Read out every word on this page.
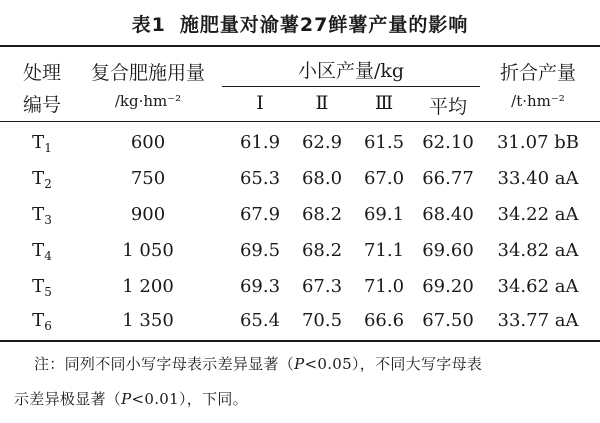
表1 施肥量对渝薯27鲜薯产量的影响
处理
编号
复合肥施用量
/kg·hm⁻²
小区产量/kg
Ⅰ	Ⅱ	Ⅲ	平均
折合产量
/t·hm⁻²
$T_1$	600	61.9	62.9	61.5	62.10	31.07 bB
$T_2$	750	65.3	68.0	67.0	66.77	33.40 aA
$T_3$	900	67.9	68.2	69.1	68.40	34.22 aA
$T_4$	1 050	69.5	68.2	71.1	69.60	34.82 aA
$T_5$	1 200	69.3	67.3	71.0	69.20	34.62 aA
$T_6$	1 350	65.4	70.5	66.6	67.50	33.77 aA
注：同列不同小写字母表示差异显著（P<0.05），不同大写字母表
示差异极显著（P<0.01），下同。
